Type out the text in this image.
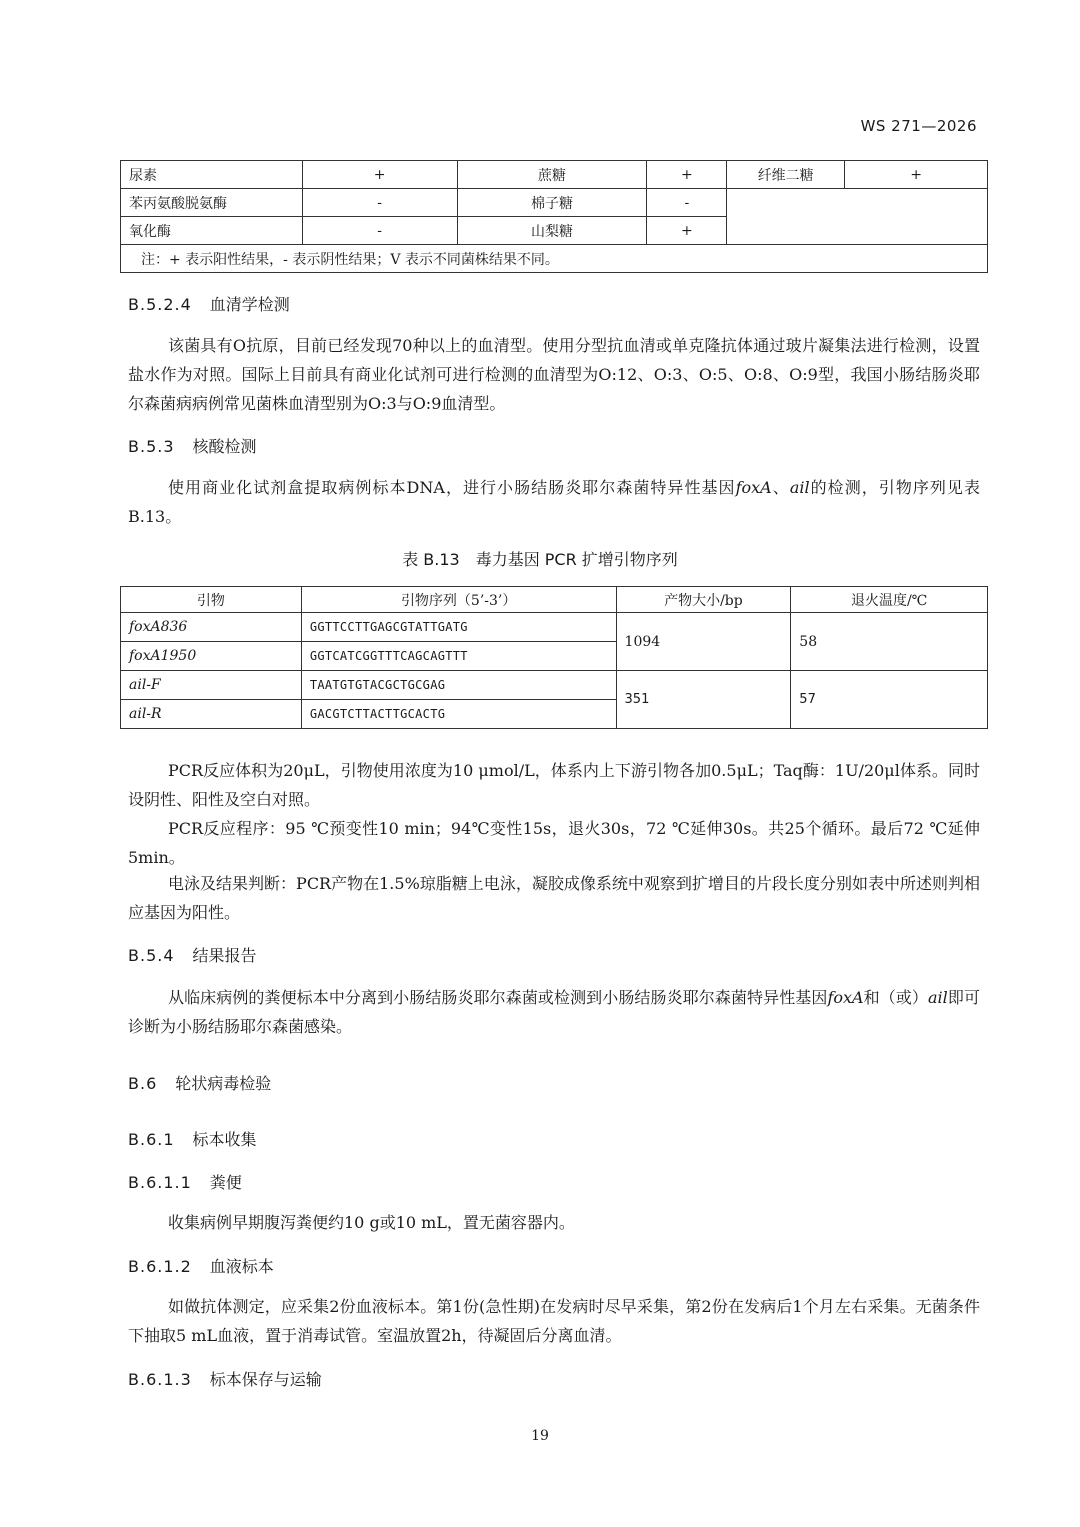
WS 271—2026
尿素	+	蔗糖	+	纤维二糖	+
苯丙氨酸脱氨酶	-	棉子糖	-		
氧化酶	-	山梨糖	+		
注：+ 表示阳性结果，- 表示阴性结果；V 表示不同菌株结果不同。					
B.5.2.4 血清学检测
该菌具有O抗原，目前已经发现70种以上的血清型。使用分型抗血清或单克隆抗体通过玻片凝集法进行检测，设置盐水作为对照。国际上目前具有商业化试剂可进行检测的血清型为O:12、O:3、O:5、O:8、O:9型，我国小肠结肠炎耶尔森菌病病例常见菌株血清型别为O:3与O:9血清型。
B.5.3 核酸检测
使用商业化试剂盒提取病例标本DNA，进行小肠结肠炎耶尔森菌特异性基因foxA、ail的检测，引物序列见表B.13。
表 B.13　毒力基因 PCR 扩增引物序列
引物	引物序列（5’-3’）	产物大小/bp	退火温度/℃
foxA836	GGTTCCTTGAGCGTATTGATG	1094	58
foxA1950	GGTCATCGGTTTCAGCAGTTT		
ail-F	TAATGTGTACGCTGCGAG	351	57
ail-R	GACGTCTTACTTGCACTG		
PCR反应体积为20μL，引物使用浓度为10 μmol/L，体系内上下游引物各加0.5μL；Taq酶：1U/20μl体系。同时设阴性、阳性及空白对照。
PCR反应程序：95 ℃预变性10 min；94℃变性15s，退火30s，72 ℃延伸30s。共25个循环。最后72 ℃延伸5min。
电泳及结果判断：PCR产物在1.5%琼脂糖上电泳，凝胶成像系统中观察到扩增目的片段长度分别如表中所述则判相应基因为阳性。
B.5.4 结果报告
从临床病例的粪便标本中分离到小肠结肠炎耶尔森菌或检测到小肠结肠炎耶尔森菌特异性基因foxA和（或）ail即可诊断为小肠结肠耶尔森菌感染。
B.6 轮状病毒检验
B.6.1 标本收集
B.6.1.1 粪便
收集病例早期腹泻粪便约10 g或10 mL，置无菌容器内。
B.6.1.2 血液标本
如做抗体测定，应采集2份血液标本。第1份(急性期)在发病时尽早采集，第2份在发病后1个月左右采集。无菌条件下抽取5 mL血液，置于消毒试管。室温放置2h，待凝固后分离血清。
B.6.1.3 标本保存与运输
19
